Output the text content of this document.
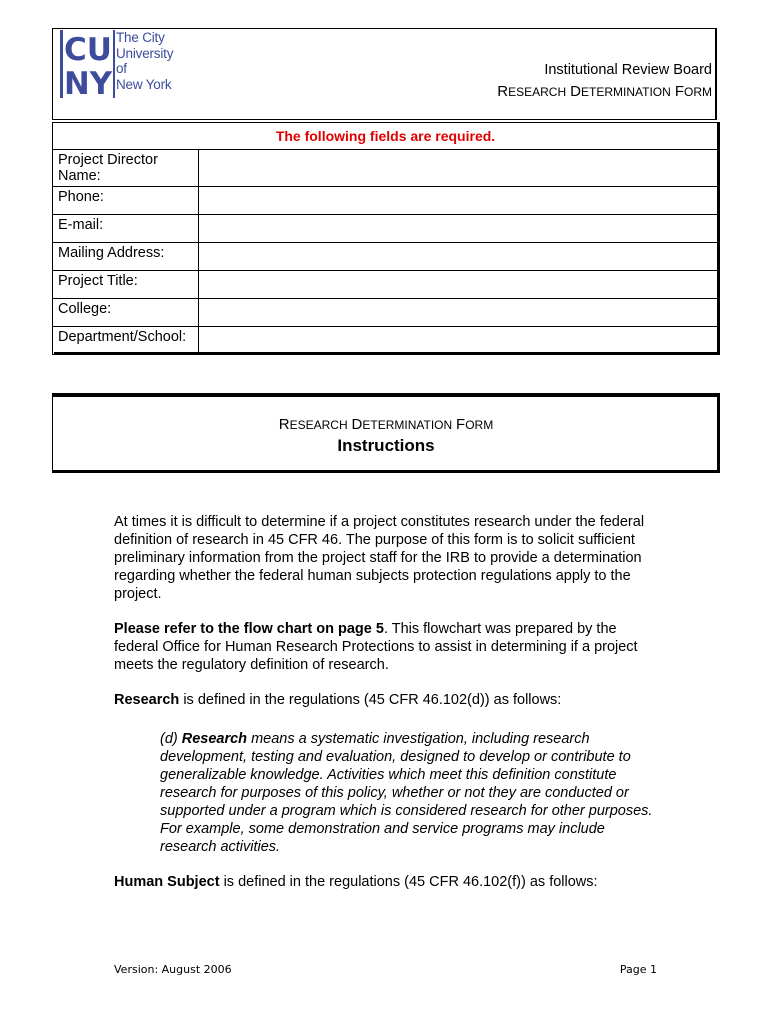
CU
NY
The City
University
of
New York
Institutional Review Board
RESEARCH DETERMINATION FORM
The following fields are required.	
Project Director Name:	
Phone:	
E-mail:	
Mailing Address:	
Project Title:	
College:	
Department/School:	
RESEARCH DETERMINATION FORM
Instructions
At times it is difficult to determine if a project constitutes research under the federal definition of research in 45 CFR 46. The purpose of this form is to solicit sufficient preliminary information from the project staff for the IRB to provide a determination regarding whether the federal human subjects protection regulations apply to the project.
Please refer to the flow chart on page 5. This flowchart was prepared by the federal Office for Human Research Protections to assist in determining if a project meets the regulatory definition of research.
Research is defined in the regulations (45 CFR 46.102(d)) as follows:
(d) Research means a systematic investigation, including research development, testing and evaluation, designed to develop or contribute to generalizable knowledge. Activities which meet this definition constitute research for purposes of this policy, whether or not they are conducted or supported under a program which is considered research for other purposes. For example, some demonstration and service programs may include research activities.
Human Subject is defined in the regulations (45 CFR 46.102(f)) as follows:
Version: August 2006	Page 1
